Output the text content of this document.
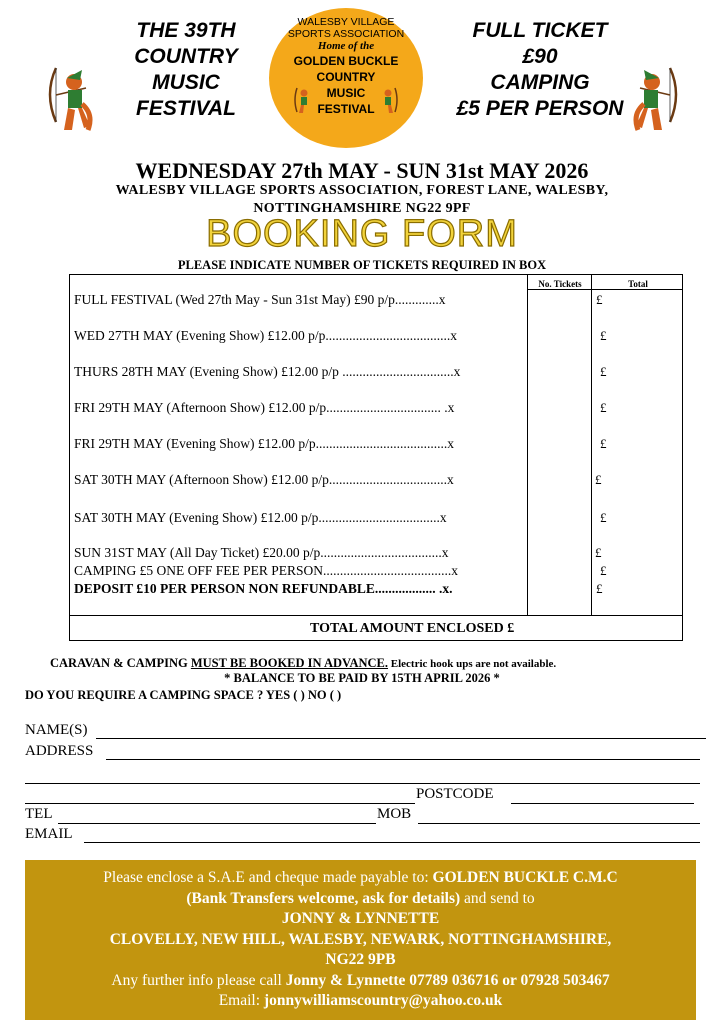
THE 39TH
COUNTRY
MUSIC
FESTIVAL
FULL TICKET
£90
CAMPING
£5 PER PERSON
WALESBY VILLAGE
SPORTS ASSOCIATION
Home of the
GOLDEN BUCKLE
COUNTRY
MUSIC
FESTIVAL
WEDNESDAY 27th MAY - SUN 31st MAY 2026
WALESBY VILLAGE SPORTS ASSOCIATION, FOREST LANE, WALESBY,
NOTTINGHAMSHIRE NG22 9PF
BOOKING FORM
PLEASE INDICATE NUMBER OF TICKETS REQUIRED IN BOX
No. Tickets	Total
FULL FESTIVAL (Wed 27th May - Sun 31st May) £90 p/p.............x
WED 27TH MAY (Evening Show) £12.00 p/p.....................................x
THURS 28TH MAY (Evening Show) £12.00 p/p .................................x
FRI 29TH MAY (Afternoon Show) £12.00 p/p.................................. .x
FRI 29TH MAY (Evening Show) £12.00 p/p.......................................x
SAT 30TH MAY (Afternoon Show) £12.00 p/p...................................x
SAT 30TH MAY (Evening Show) £12.00 p/p....................................x
SUN 31ST MAY (All Day Ticket) £20.00 p/p....................................x
CAMPING £5 ONE OFF FEE PER PERSON......................................x
DEPOSIT £10 PER PERSON NON REFUNDABLE.................. .x.
£
£
£
£
£
£
£
£
£
£
TOTAL AMOUNT ENCLOSED £
CARAVAN & CAMPING MUST BE BOOKED IN ADVANCE. Electric hook ups are not available.
* BALANCE TO BE PAID BY 15TH APRIL 2026 *
DO YOU REQUIRE A CAMPING SPACE ? YES ( ) NO ( )
NAME(S)
ADDRESS
POSTCODE
TEL	MOB
EMAIL
Please enclose a S.A.E and cheque made payable to: GOLDEN BUCKLE C.M.C
(Bank Transfers welcome, ask for details) and send to
JONNY & LYNNETTE
CLOVELLY, NEW HILL, WALESBY, NEWARK, NOTTINGHAMSHIRE,
NG22 9PB
Any further info please call Jonny & Lynnette 07789 036716 or 07928 503467
Email: jonnywilliamscountry@yahoo.co.uk
